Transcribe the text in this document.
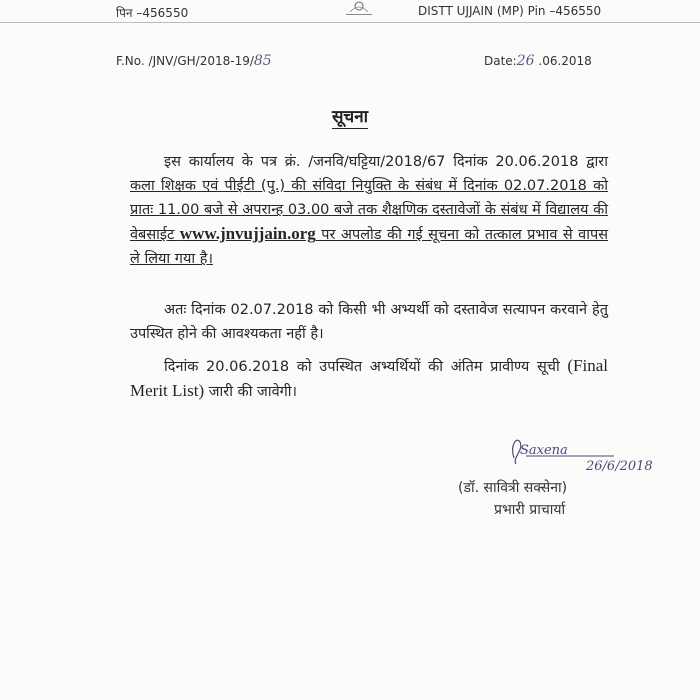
पिन –456550	DISTT UJJAIN (MP) Pin –456550
F.No. /JNV/GH/2018-19/85	Date:26 .06.2018
सूचना
इस कार्यालय के पत्र क्रं. /जनवि/घट्टिया/2018/67 दिनांक 20.06.2018 द्वारा कला शिक्षक एवं पीईटी (पु.) की संविदा नियुक्ति के संबंध में दिनांक 02.07.2018 को प्रातः 11.00 बजे से अपरान्ह 03.00 बजे तक शैक्षणिक दस्तावेजों के संबंध में विद्यालय की वेबसाईट www.jnvujjain.org पर अपलोड की गई सूचना को तत्काल प्रभाव से वापस ले लिया गया है।
अतः दिनांक 02.07.2018 को किसी भी अभ्यर्थी को दस्तावेज सत्यापन करवाने हेतु उपस्थित होने की आवश्यकता नहीं है।
दिनांक 20.06.2018 को उपस्थित अभ्यर्थियों की अंतिम प्रावीण्य सूची (Final Merit List) जारी की जावेगी।
Saxena
26/6/2018
(डॉ. सावित्री सक्सेना)
प्रभारी प्राचार्या
